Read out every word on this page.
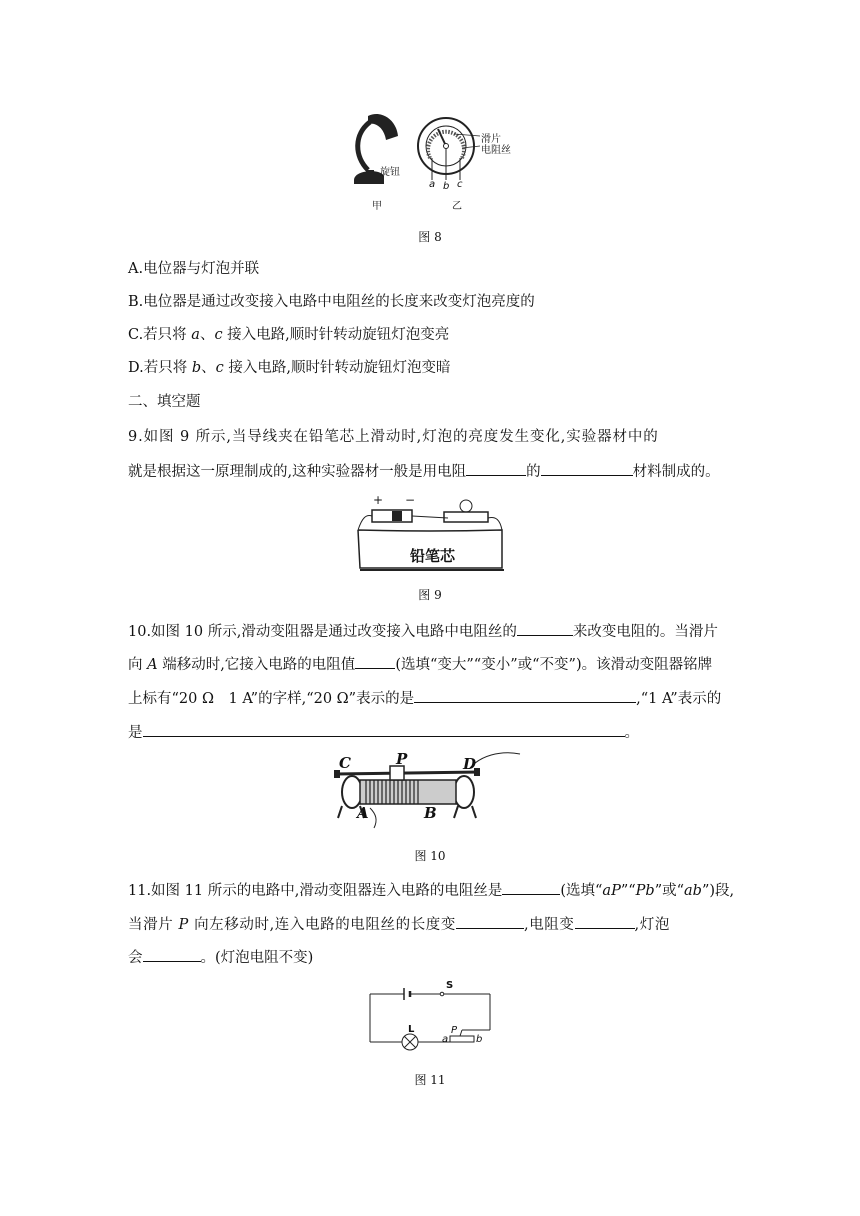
旋钮
甲
滑片
电阻丝
a b c
乙
图 8
A.电位器与灯泡并联
B.电位器是通过改变接入电路中电阻丝的长度来改变灯泡亮度的
C.若只将 a、c 接入电路,顺时针转动旋钮灯泡变亮
D.若只将 b、c 接入电路,顺时针转动旋钮灯泡变暗
二、填空题
9.如图 9 所示,当导线夹在铅笔芯上滑动时,灯泡的亮度发生变化,实验器材中的
就是根据这一原理制成的,这种实验器材一般是用电阻	的	材料制成的。
+ −
铅笔芯
图 9
10.如图 10 所示,滑动变阻器是通过改变接入电路中电阻丝的	来改变电阻的。当滑片
向 A 端移动时,它接入电路的电阻值	(选填“变大”“变小”或“不变”)。该滑动变阻器铭牌
上标有“20 Ω　1 A”的字样,“20 Ω”表示的是	,“1 A”表示的
是	。
C	P	D
A	B
图 10
11.如图 11 所示的电路中,滑动变阻器连入电路的电阻丝是	(选填“aP”“Pb”或“ab”)段,
当滑片 P 向左移动时,连入电路的电阻丝的长度变	,电阻变	,灯泡
会	。(灯泡电阻不变)
S
L
a
P
b
图 11
